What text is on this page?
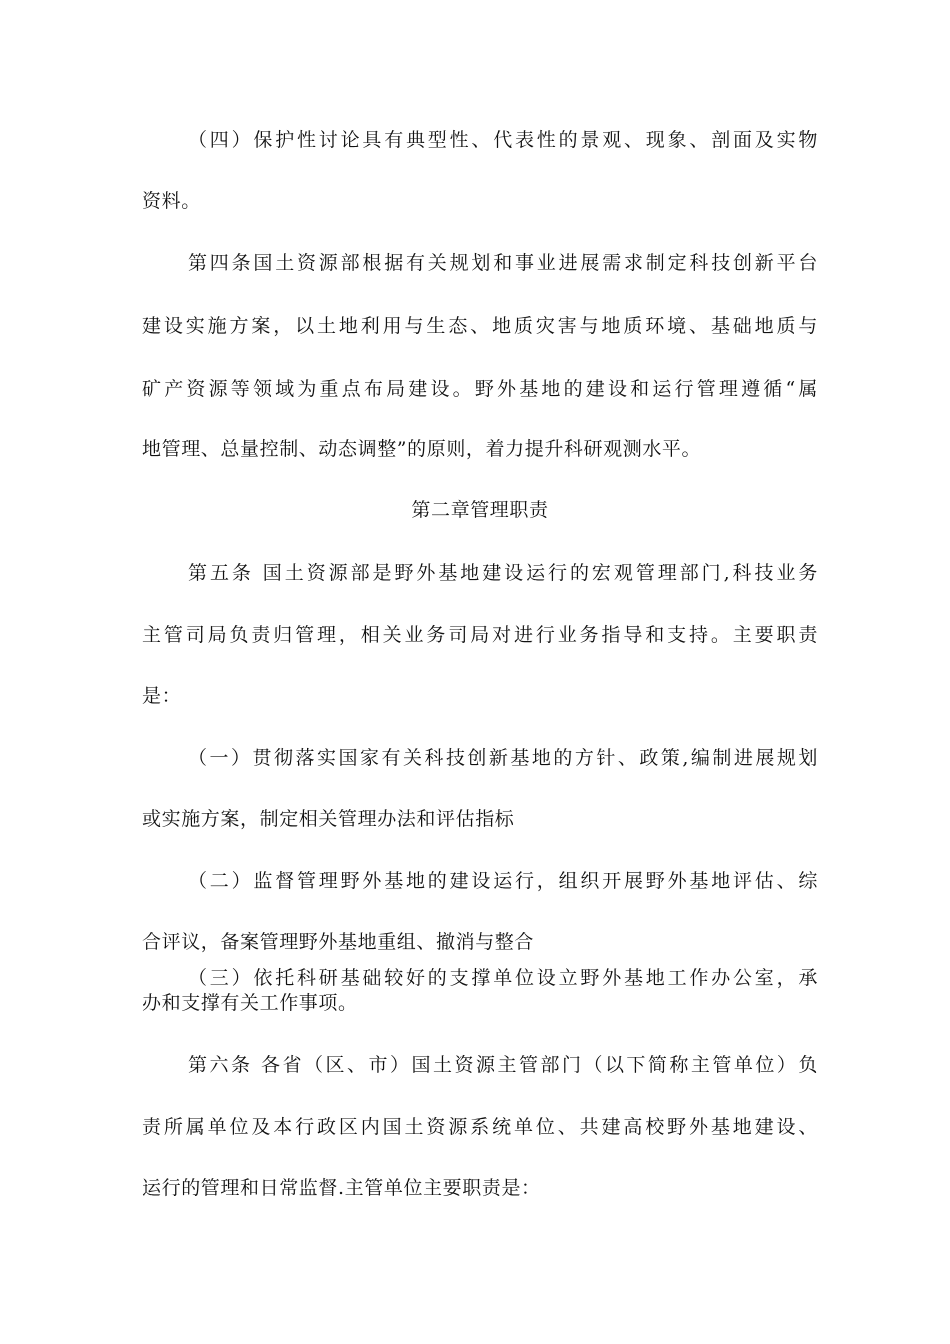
（四）保护性讨论具有典型性、代表性的景观、现象、剖面及实物
资料。
第四条国土资源部根据有关规划和事业进展需求制定科技创新平台
建设实施方案，以土地利用与生态、地质灾害与地质环境、基础地质与
矿产资源等领域为重点布局建设。野外基地的建设和运行管理遵循“属
地管理、总量控制、动态调整”的原则，着力提升科研观测水平。
第二章管理职责
第五条 国土资源部是野外基地建设运行的宏观管理部门,科技业务
主管司局负责归管理，相关业务司局对进行业务指导和支持。主要职责
是：
（一）贯彻落实国家有关科技创新基地的方针、政策,编制进展规划
或实施方案，制定相关管理办法和评估指标
（二）监督管理野外基地的建设运行，组织开展野外基地评估、综
合评议，备案管理野外基地重组、撤消与整合
（三）依托科研基础较好的支撑单位设立野外基地工作办公室，承
办和支撑有关工作事项。
第六条 各省（区、市）国土资源主管部门（以下简称主管单位）负
责所属单位及本行政区内国土资源系统单位、共建高校野外基地建设、
运行的管理和日常监督.主管单位主要职责是：
